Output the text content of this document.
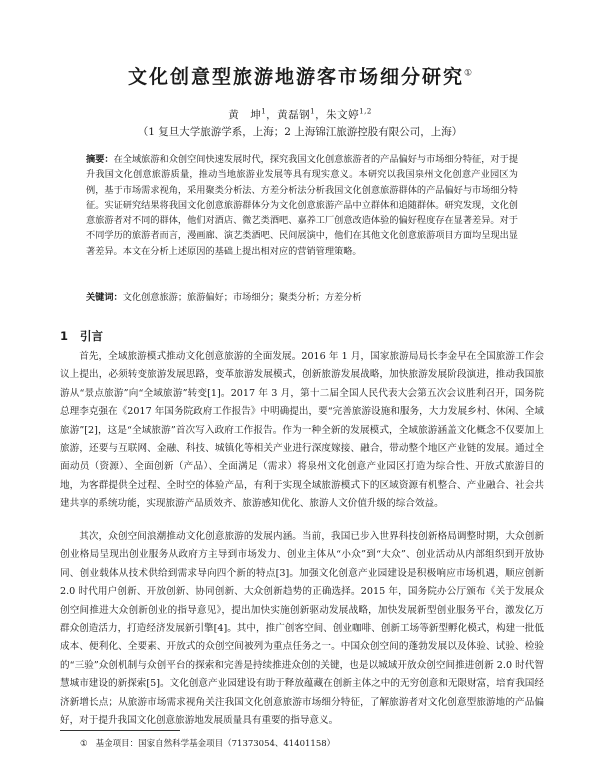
文化创意型旅游地游客市场细分研究①
黄　坤$^1$，黄磊钢$^1$，朱文婷$^{1,2}$
（1 复旦大学旅游学系，上海；2 上海锦江旅游控股有限公司，上海）
摘要：在全域旅游和众创空间快速发展时代，探究我国文化创意旅游者的产品偏好与市场细分特征，对于提升我国文化创意旅游质量，推动当地旅游业发展等具有现实意义。本研究以我国泉州文化创意产业园区为例，基于市场需求视角，采用聚类分析法、方差分析法分析我国文化创意旅游群体的产品偏好与市场细分特征。实证研究结果将我国文化创意旅游群体分为文化创意旅游产品中立群体和追随群体。研究发现，文化创意旅游者对不同的群体，他们对酒店、微艺类酒吧、嘉养工厂创意改造体验的偏好程度存在显著差异。对于不同学历的旅游者而言，漫画廊、演艺类酒吧、民间展演中，他们在其他文化创意旅游项目方面均呈现出显著差异。本文在分析上述原因的基础上提出相对应的营销管理策略。
关键词：文化创意旅游；旅游偏好；市场细分；聚类分析；方差分析
1 引言

首先，全域旅游模式推动文化创意旅游的全面发展。2016 年 1 月，国家旅游局局长李金早在全国旅游工作会议上提出，必须转变旅游发展思路，变革旅游发展模式，创新旅游发展战略，加快旅游发展阶段演进，推动我国旅游从“景点旅游”向“全域旅游”转变[1]。2017 年 3 月，第十二届全国人民代表大会第五次会议胜利召开，国务院总理李克强在《2017 年国务院政府工作报告》中明确提出，要“完善旅游设施和服务，大力发展乡村、休闲、全域旅游”[2]，这是“全域旅游”首次写入政府工作报告。作为一种全新的发展模式，全域旅游涵盖文化概念不仅要加上旅游，还要与互联网、金融、科技、城镇化等相关产业进行深度嫁接、融合，带动整个地区产业链的发展。通过全面动员（资源）、全面创新（产品）、全面满足（需求）将泉州文化创意产业园区打造为综合性、开放式旅游目的地，为客群提供全过程、全时空的体验产品，有利于实现全域旅游模式下的区域资源有机整合、产业融合、社会共建共享的系统功能，实现旅游产品质效齐、旅游感知优化、旅游人文价值升级的综合效益。

其次，众创空间浪潮推动文化创意旅游的发展内涵。当前，我国已步入世界科技创新格局调整时期，大众创新创业格局呈现出创业服务从政府方主导到市场发力、创业主体从“小众”到“大众”、创业活动从内部组织到开放协同、创业载体从技术供给到需求导向四个新的特点[3]。加强文化创意产业园建设是积极响应市场机遇，顺应创新 2.0 时代用户创新、开放创新、协同创新、大众创新趋势的正确选择。2015 年，国务院办公厅颁布《关于发展众创空间推进大众创新创业的指导意见》，提出加快实施创新驱动发展战略，加快发展新型创业服务平台，激发亿万群众创造活力，打造经济发展新引擎[4]。其中，推广创客空间、创业咖啡、创新工场等新型孵化模式，构建一批低成本、便利化、全要素、开放式的众创空间被列为重点任务之一。中国众创空间的蓬勃发展以及体验、试验、检验的“三验”众创机制与众创平台的探索和完善是持续推进众创的关键，也是以城域开放众创空间推进创新 2.0 时代智慧城市建设的新探索[5]。文化创意产业园建设有助于释放蕴藏在创新主体之中的无穷创意和无限财富，培育我国经济新增长点；从旅游市场需求视角关注我国文化创意旅游市场细分特征，了解旅游者对文化创意型旅游地的产品偏好，对于提升我国文化创意旅游地发展质量具有重要的指导意义。

① 基金项目：国家自然科学基金项目（71373054、41401158）
